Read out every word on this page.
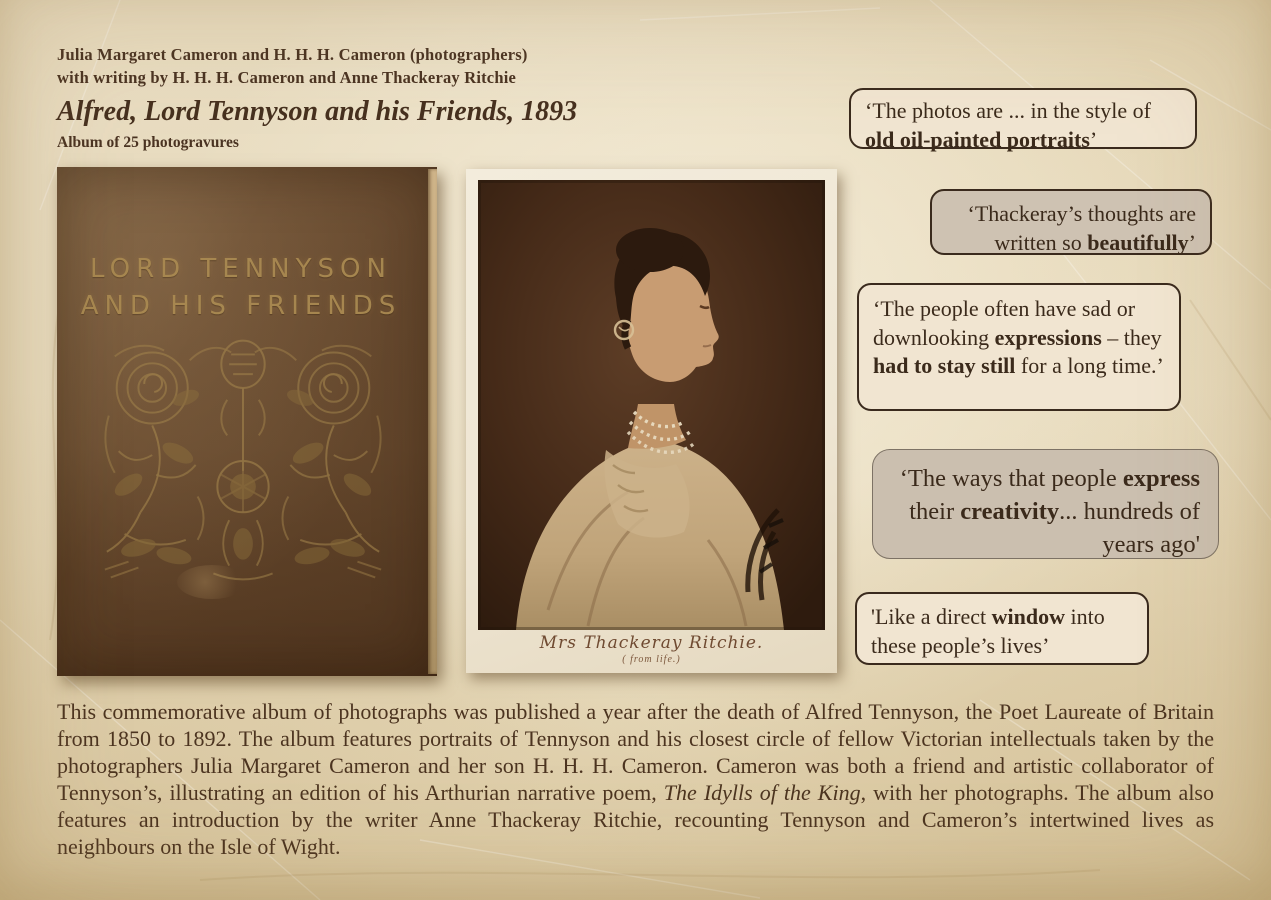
Julia Margaret Cameron and H. H. H. Cameron (photographers)
with writing by H. H. H. Cameron and Anne Thackeray Ritchie
Alfred, Lord Tennyson and his Friends, 1893
Album of 25 photogravures
LORD TENNYSON
AND HIS FRIENDS
Mrs Thackeray Ritchie.
( from life.)
‘The photos are ... in the style of old oil-painted portraits’
‘Thackeray’s thoughts are written so beautifully’
‘The people often have sad or downlooking expressions – they had to stay still for a long time.’
‘The ways that people express their creativity... hundreds of years ago'
'Like a direct window into these people’s lives’
This commemorative album of photographs was published a year after the death of Alfred Tennyson, the Poet Laureate of Britain from 1850 to 1892. The album features portraits of Tennyson and his closest circle of fellow Victorian intellectuals taken by the photographers Julia Margaret Cameron and her son H. H. H. Cameron. Cameron was both a friend and artistic collaborator of Tennyson’s, illustrating an edition of his Arthurian narrative poem, The Idylls of the King, with her photographs. The album also features an introduction by the writer Anne Thackeray Ritchie, recounting Tennyson and Cameron’s intertwined lives as neighbours on the Isle of Wight.
